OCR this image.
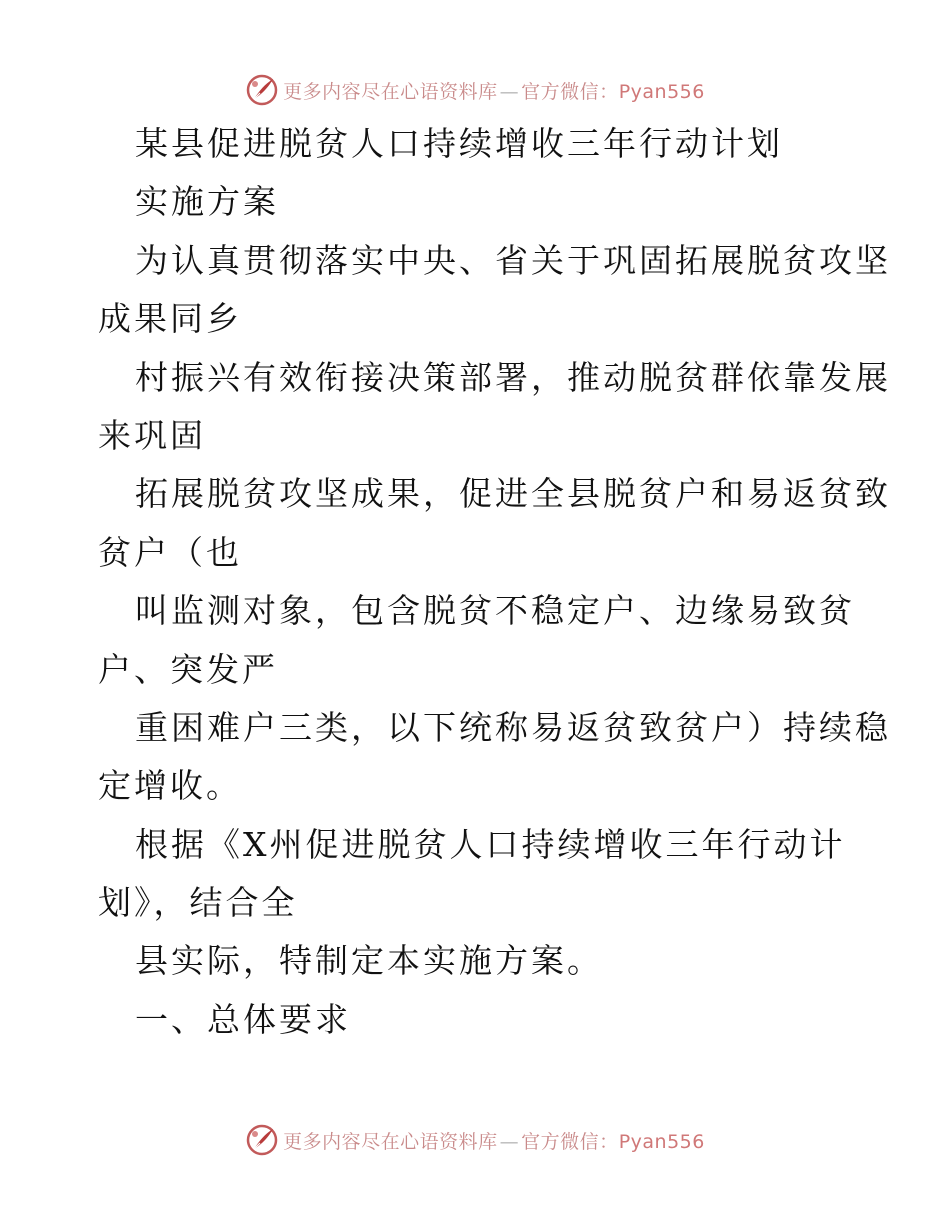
更多内容尽在心语资料库 — 官方微信：Pyan556
某县促进脱贫人口持续增收三年行动计划
实施方案
为认真贯彻落实中央、省关于巩固拓展脱贫攻坚
成果同乡
村振兴有效衔接决策部署，推动脱贫群依靠发展
来巩固
拓展脱贫攻坚成果，促进全县脱贫户和易返贫致
贫户（也
叫监测对象，包含脱贫不稳定户、边缘易致贫
户、突发严
重困难户三类，以下统称易返贫致贫户）持续稳
定增收。
根据《X州促进脱贫人口持续增收三年行动计
划》，结合全
县实际，特制定本实施方案。
一、总体要求
更多内容尽在心语资料库 — 官方微信：Pyan556
